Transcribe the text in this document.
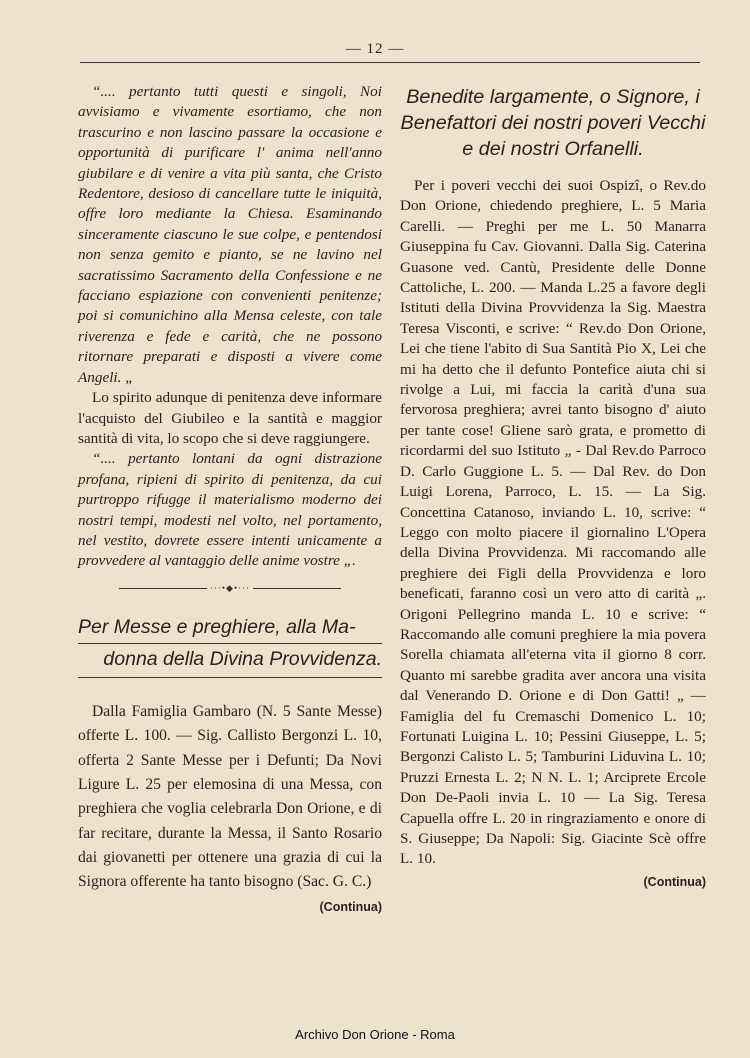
— 12 —

“.... pertanto tutti questi e singoli, Noi avvisiamo e vivamente esortiamo, che non trascurino e non lascino passare la occasione e opportunità di purificare l' anima nell'anno giubilare e di venire a vita più santa, che Cristo Redentore, desioso di cancellare tutte le iniquità, offre loro mediante la Chiesa. Esaminando sinceramente ciascuno le sue colpe, e pentendosi non senza gemito e pianto, se ne lavino nel sacratissimo Sacramento della Confessione e ne facciano espiazione con convenienti penitenze; poi si comunichino alla Mensa celeste, con tale riverenza e fede e carità, che ne possono ritornare preparati e disposti a vivere come Angeli. „

Lo spirito adunque di penitenza deve informare l'acquisto del Giubileo e la santità e maggior santità di vita, lo scopo che si deve raggiungere.

“.... pertanto lontani da ogni distrazione profana, ripieni di spirito di penitenza, da cui purtroppo rifugge il materialismo moderno dei nostri tempi, modesti nel volto, nel portamento, nel vestito, dovrete essere intenti unicamente a provvedere al vantaggio delle anime vostre „.

···•◆•···
Per Messe e preghiere, alla Ma-
donna della Divina Provvidenza.

Dalla Famiglia Gambaro (N. 5 Sante Messe) offerte L. 100. — Sig. Callisto Bergonzi L. 10, offerta 2 Sante Messe per i Defunti; Da Novi Ligure L. 25 per elemosina di una Messa, con preghiera che voglia celebrarla Don Orione, e di far recitare, durante la Messa, il Santo Rosario dai giovanetti per ottenere una grazia di cui la Signora offerente ha tanto bisogno (Sac. G. C.)
(Continua)

Benedite largamente, o Signore, i Benefattori dei nostri poveri Vecchi e dei nostri Orfanelli.

Per i poveri vecchi dei suoi Ospizî, o Rev.do Don Orione, chiedendo preghiere, L. 5 Maria Carelli. — Preghi per me L. 50 Manarra Giuseppina fu Cav. Giovanni. Dalla Sig. Caterina Guasone ved. Cantù, Presidente delle Donne Cattoliche, L. 200. — Manda L.25 a favore degli Istituti della Divina Provvidenza la Sig. Maestra Teresa Visconti, e scrive: “ Rev.do Don Orione, Lei che tiene l'abito di Sua Santità Pio X, Lei che mi ha detto che il defunto Pontefice aiuta chi si rivolge a Lui, mi faccia la carità d'una sua fervorosa preghiera; avrei tanto bisogno d' aiuto per tante cose! Gliene sarò grata, e prometto di ricordarmi del suo Istituto „ - Dal Rev.do Parroco D. Carlo Guggione L. 5. — Dal Rev. do Don Luigi Lorena, Parroco, L. 15. — La Sig. Concettina Catanoso, inviando L. 10, scrive: “ Leggo con molto piacere il giornalino L'Opera della Divina Provvidenza. Mi raccomando alle preghiere dei Figli della Provvidenza e loro beneficati, faranno così un vero atto di carità „. Origoni Pellegrino manda L. 10 e scrive: “ Raccomando alle comuni preghiere la mia povera Sorella chiamata all'eterna vita il giorno 8 corr. Quanto mi sarebbe gradita aver ancora una visita dal Venerando D. Orione e di Don Gatti! „ — Famiglia del fu Cremaschi Domenico L. 10; Fortunati Luigina L. 10; Pessini Giuseppe, L. 5; Bergonzi Calisto L. 5; Tamburini Liduvina L. 10; Pruzzi Ernesta L. 2; N N. L. 1; Arciprete Ercole Don De-Paoli invia L. 10 — La Sig. Teresa Capuella offre L. 20 in ringraziamento e onore di S. Giuseppe; Da Napoli: Sig. Giacinte Scè offre L. 10.

(Continua)
Archivo Don Orione - Roma
